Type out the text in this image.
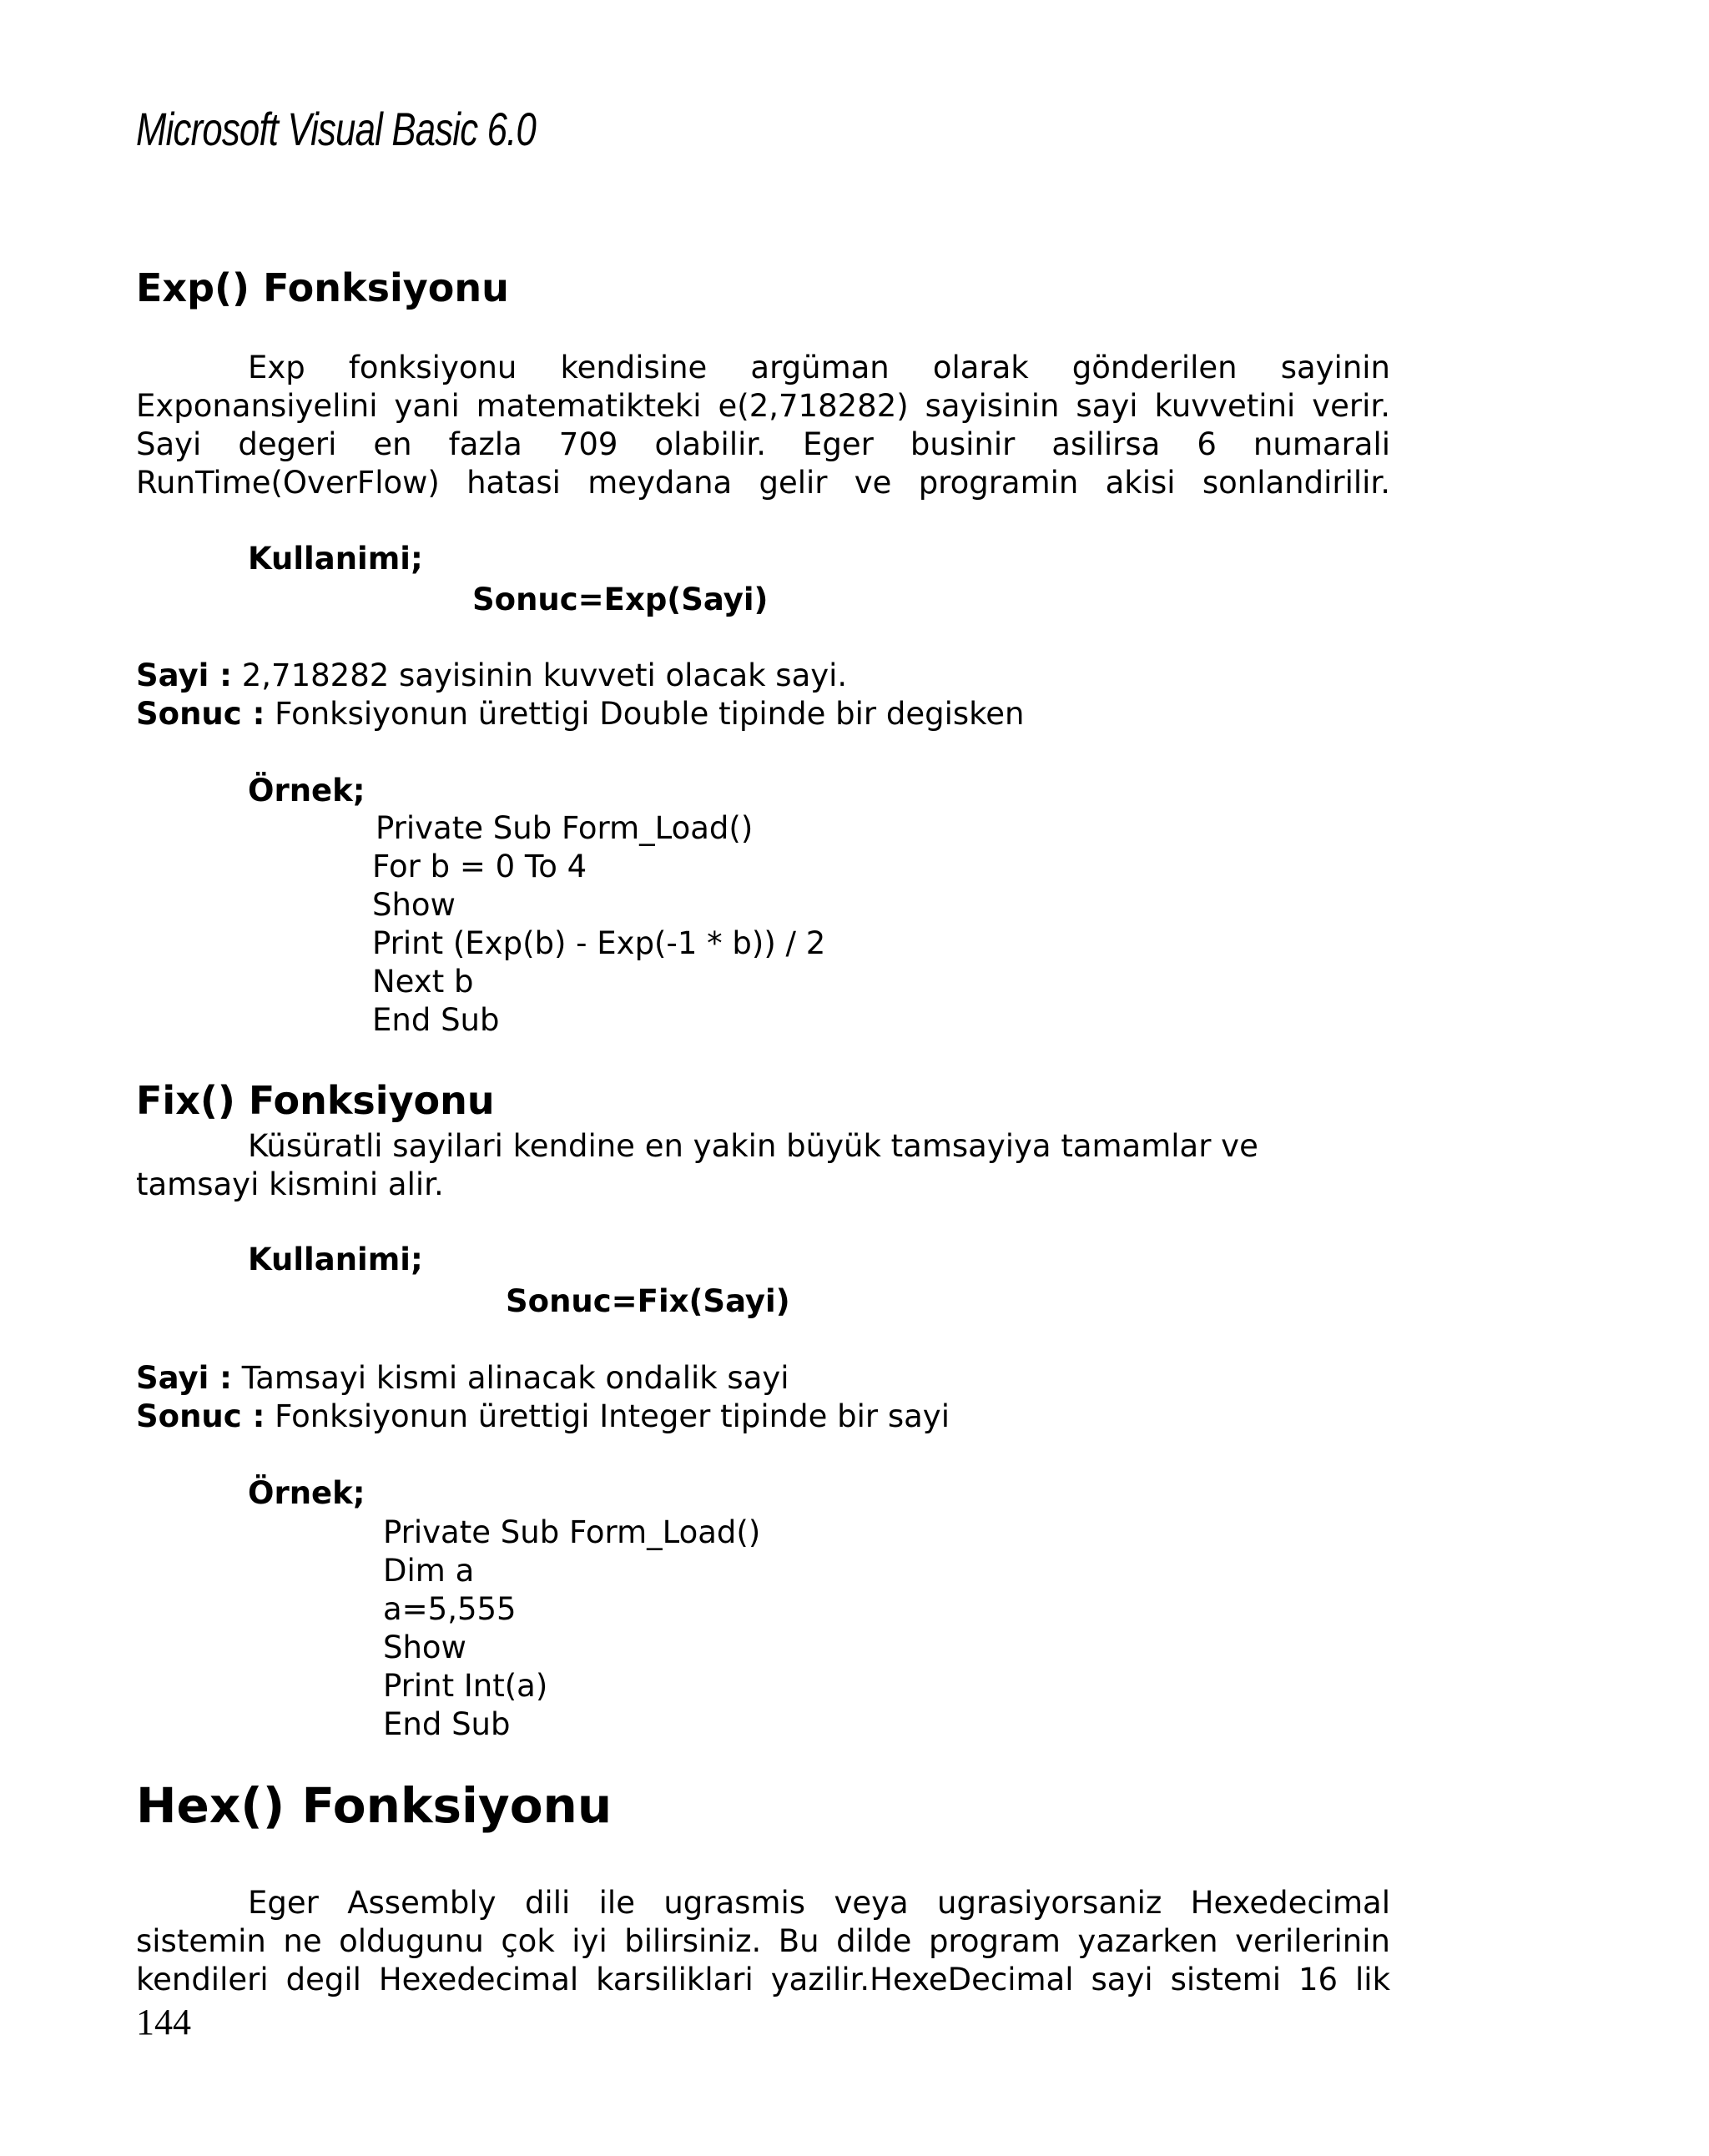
Microsoft Visual Basic 6.0
Exp() Fonksiyonu
Exp fonksiyonu kendisine argüman olarak gönderilen sayinin
Exponansiyelini yani matematikteki e(2,718282) sayisinin sayi kuvvetini verir.
Sayi degeri en fazla 709 olabilir. Eger businir asilirsa 6 numarali
RunTime(OverFlow) hatasi meydana gelir ve programin akisi sonlandirilir.
Kullanimi;
Sonuc=Exp(Sayi)
Sayi : 2,718282 sayisinin kuvveti olacak sayi.
Sonuc : Fonksiyonun ürettigi Double tipinde bir degisken
Örnek;
Private Sub Form_Load()
For b = 0 To 4
Show
Print (Exp(b) - Exp(-1 * b)) / 2
Next b
End Sub
Fix() Fonksiyonu
Küsüratli sayilari kendine en yakin büyük tamsayiya tamamlar ve
tamsayi kismini alir.
Kullanimi;
Sonuc=Fix(Sayi)
Sayi : Tamsayi kismi alinacak ondalik sayi
Sonuc : Fonksiyonun ürettigi Integer tipinde bir sayi
Örnek;
Private Sub Form_Load()
Dim a
a=5,555
Show
Print Int(a)
End Sub
Hex() Fonksiyonu
Eger Assembly dili ile ugrasmis veya ugrasiyorsaniz Hexedecimal
sistemin ne oldugunu çok iyi bilirsiniz. Bu dilde program yazarken verilerinin
kendileri degil Hexedecimal karsiliklari yazilir.HexeDecimal sayi sistemi 16 lik
144
